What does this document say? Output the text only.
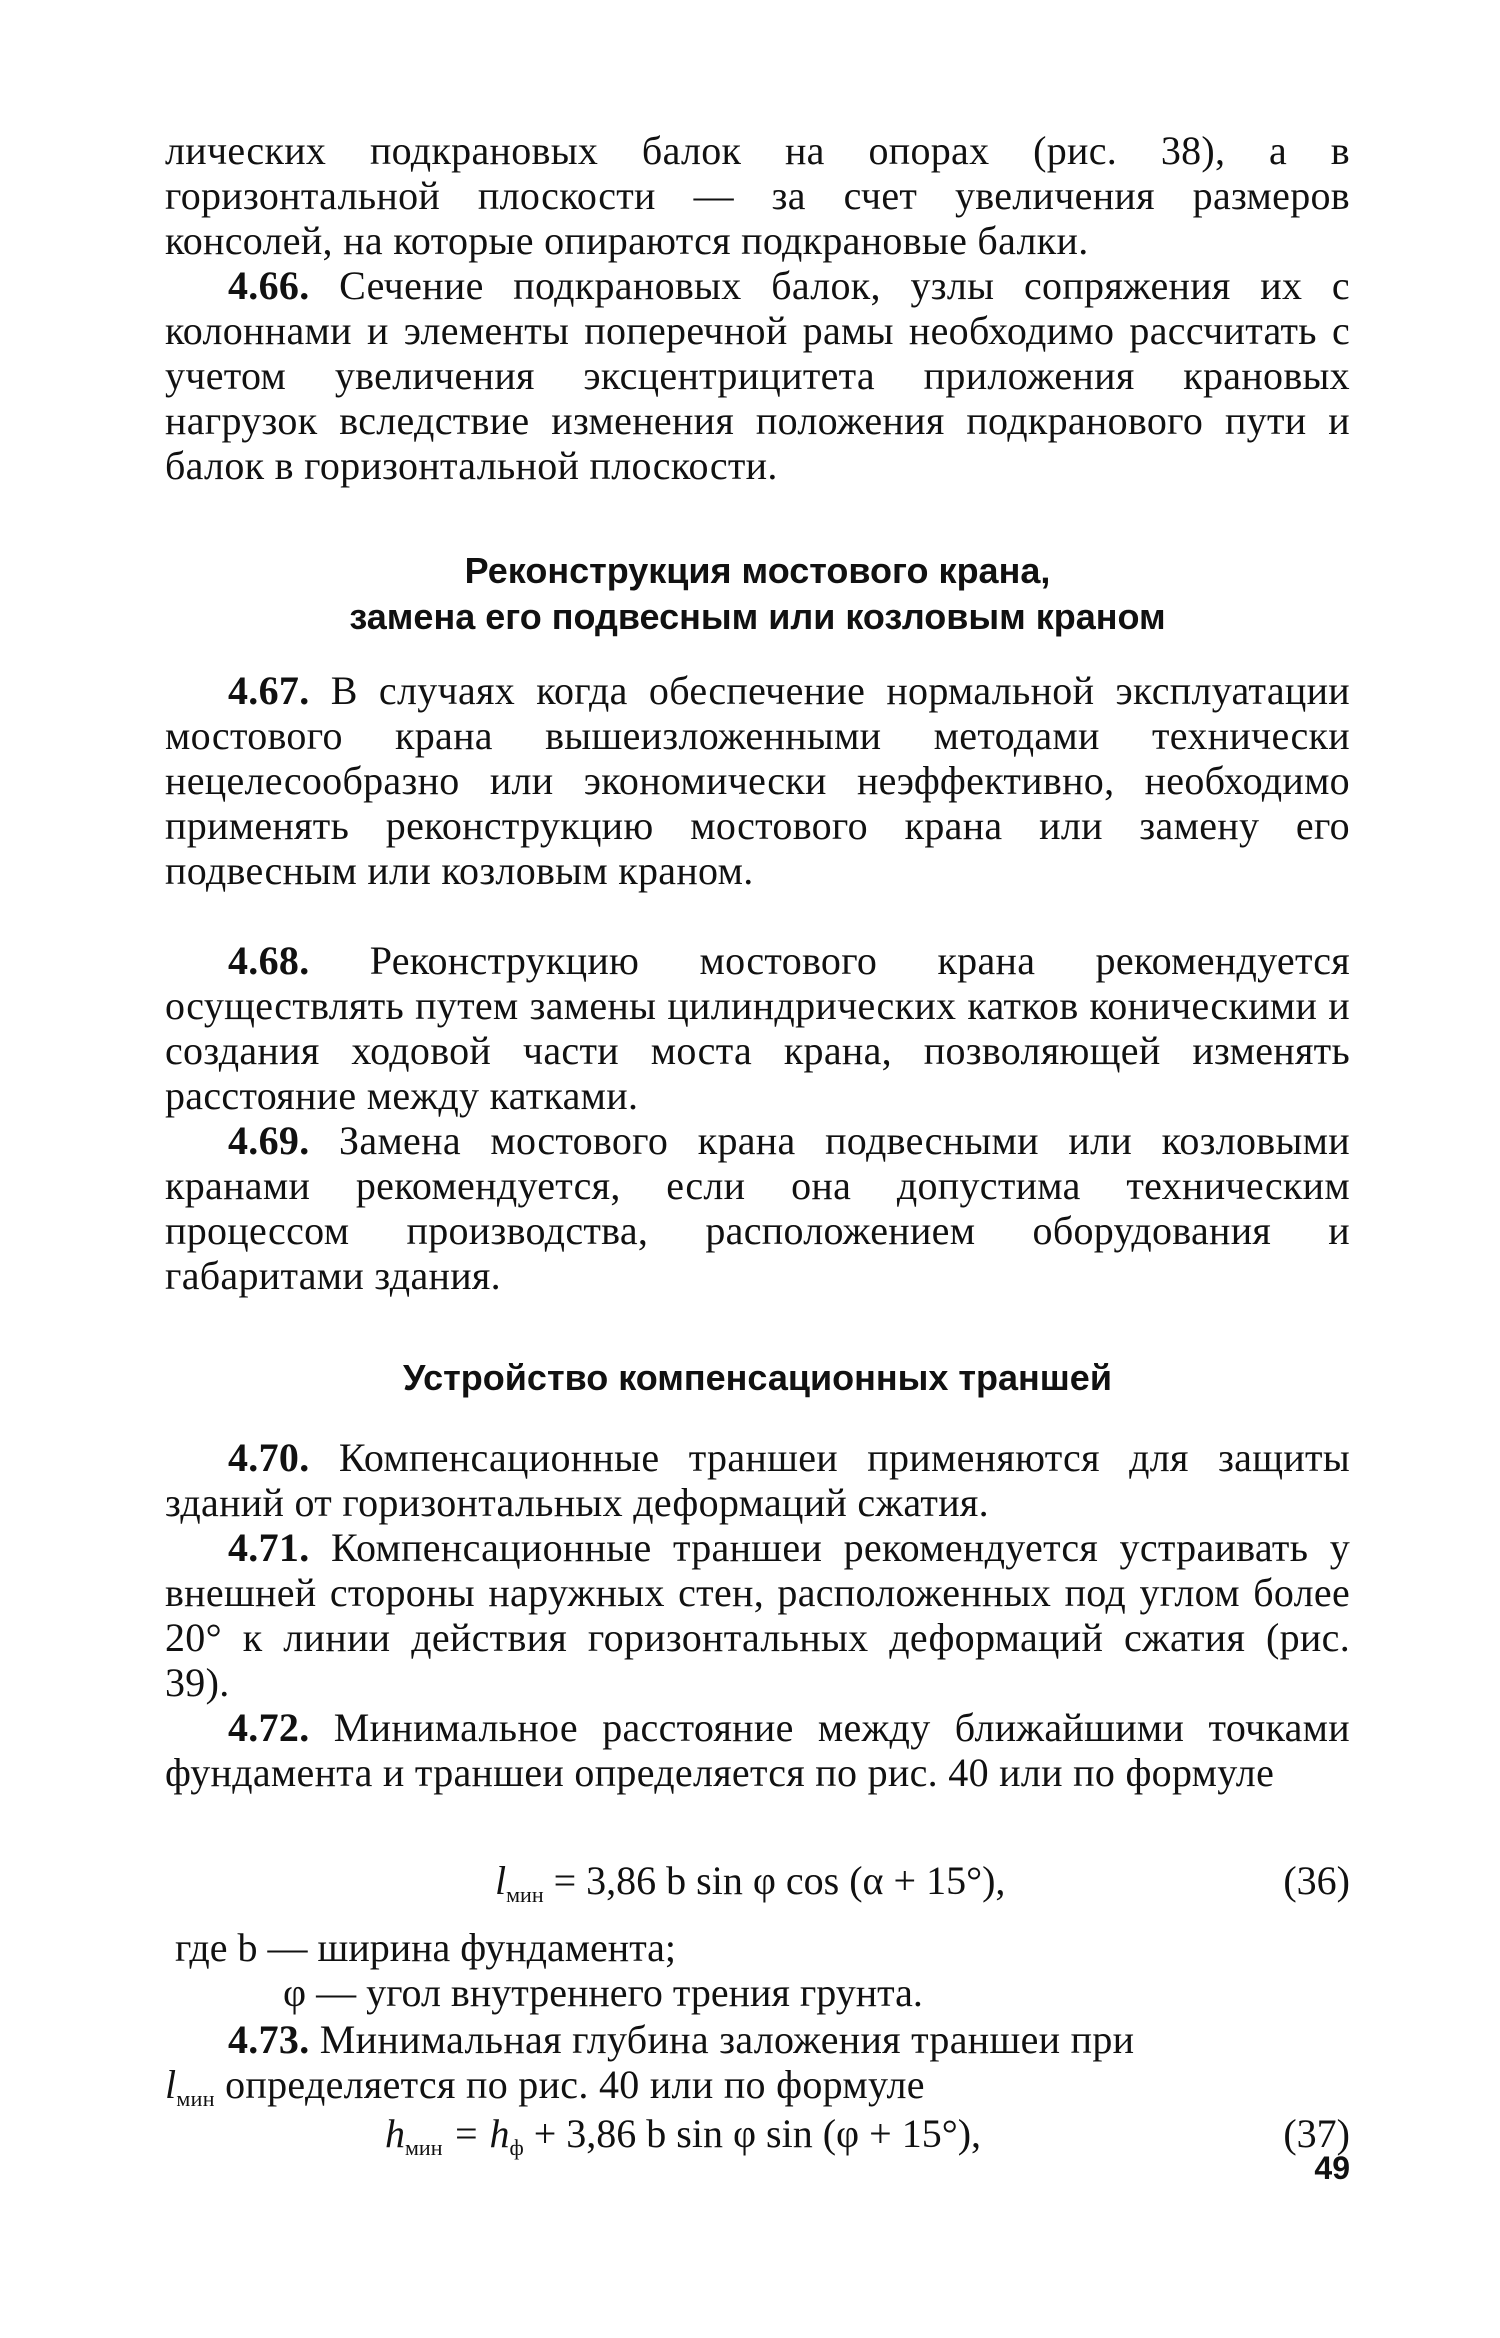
лических подкрановых балок на опорах (рис. 38), а в горизонтальной плоскости — за счет увеличения размеров консолей, на которые опираются подкрановые балки.

4.66. Сечение подкрановых балок, узлы сопряжения их с колоннами и элементы поперечной рамы необходимо рассчитать с учетом увеличения эксцентрицитета приложения крановых нагрузок вследствие изменения положения подкранового пути и балок в горизонтальной плоскости.

Реконструкция мостового крана,

замена его подвесным или козловым краном

4.67. В случаях когда обеспечение нормальной эксплуатации мостового крана вышеизложенными методами технически нецелесообразно или экономически неэффективно, необходимо применять реконструкцию мостового крана или замену его подвесным или козловым краном.

4.68. Реконструкцию мостового крана рекомендуется осуществлять путем замены цилиндрических катков коническими и создания ходовой части моста крана, позволяющей изменять расстояние между катками.

4.69. Замена мостового крана подвесными или козловыми кранами рекомендуется, если она допустима техническим процессом производства, расположением оборудования и габаритами здания.

Устройство компенсационных траншей

4.70. Компенсационные траншеи применяются для защиты зданий от горизонтальных деформаций сжатия.

4.71. Компенсационные траншеи рекомендуется устраивать у внешней стороны наружных стен, расположенных под углом более 20° к линии действия горизонтальных деформаций сжатия (рис. 39).

4.72. Минимальное расстояние между ближайшими точками фундамента и траншеи определяется по рис. 40 или по формуле

$l_{мин} = 3,86$ b sin φ cos (α + 15°),	(36)
где b — ширина фундамента;
φ — угол внутреннего трения грунта.

4.73. Минимальная глубина заложения траншеи при

$l_{мин}$ определяется по рис. 40 или по формуле

$h_{мин} = h_ф + 3,86$ b sin φ sin (φ + 15°),	(37)
49
